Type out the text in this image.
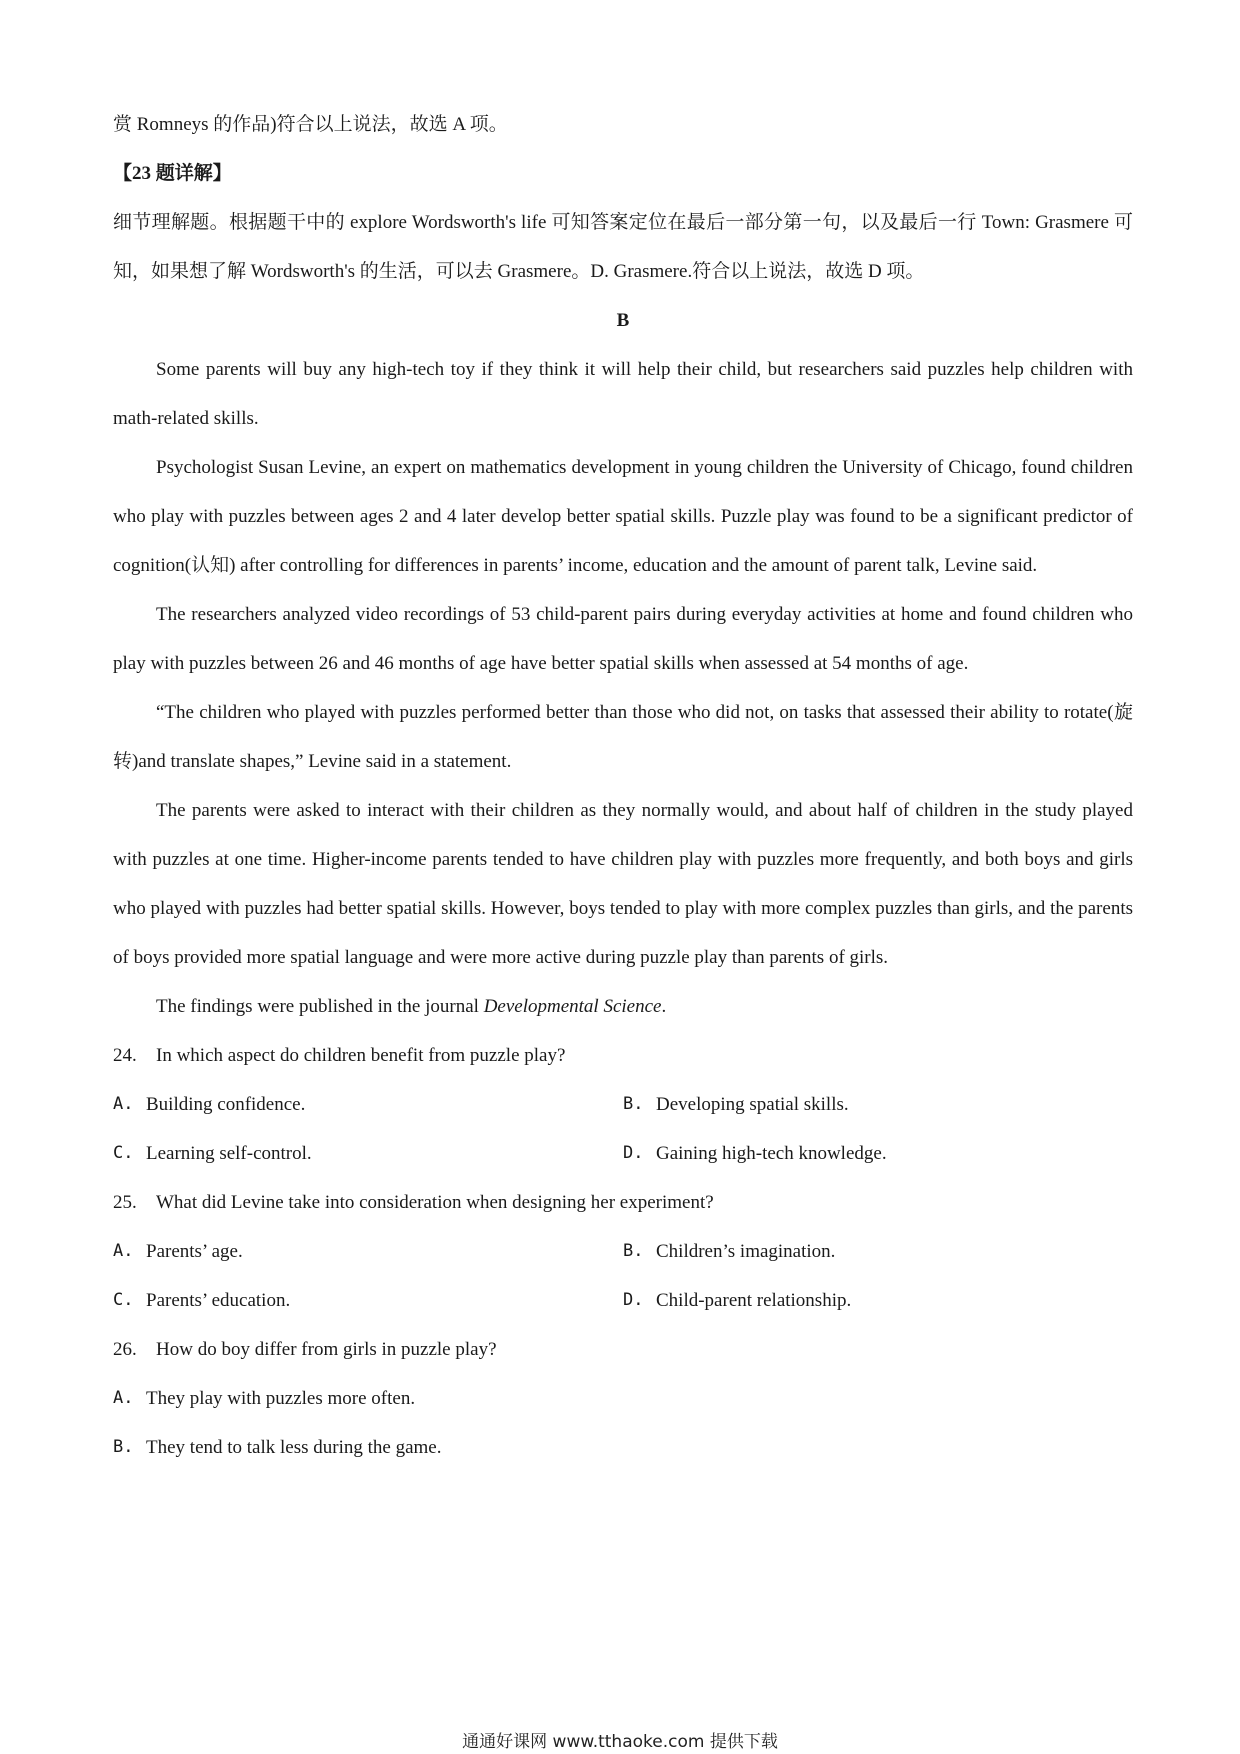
赏 Romneys 的作品)符合以上说法，故选 A 项。

【23 题详解】

细节理解题。根据题干中的 explore Wordsworth's life 可知答案定位在最后一部分第一句，以及最后一行 Town: Grasmere 可知，如果想了解 Wordsworth's 的生活，可以去 Grasmere。D. Grasmere.符合以上说法，故选 D 项。

B

Some parents will buy any high-tech toy if they think it will help their child, but researchers said puzzles help children with math-related skills.

Psychologist Susan Levine, an expert on mathematics development in young children the University of Chicago, found children who play with puzzles between ages 2 and 4 later develop better spatial skills. Puzzle play was found to be a significant predictor of cognition(认知) after controlling for differences in parents’ income, education and the amount of parent talk, Levine said.

The researchers analyzed video recordings of 53 child-parent pairs during everyday activities at home and found children who play with puzzles between 26 and 46 months of age have better spatial skills when assessed at 54 months of age.

“The children who played with puzzles performed better than those who did not, on tasks that assessed their ability to rotate(旋转)and translate shapes,” Levine said in a statement.

The parents were asked to interact with their children as they normally would, and about half of children in the study played with puzzles at one time. Higher-income parents tended to have children play with puzzles more frequently, and both boys and girls who played with puzzles had better spatial skills. However, boys tended to play with more complex puzzles than girls, and the parents of boys provided more spatial language and were more active during puzzle play than parents of girls.

The findings were published in the journal Developmental Science.

24.	In which aspect do children benefit from puzzle play?
A. Building confidence.	B. Developing spatial skills.
C. Learning self-control.	D. Gaining high-tech knowledge.
25.	What did Levine take into consideration when designing her experiment?
A. Parents’ age.	B. Children’s imagination.
C. Parents’ education.	D. Child-parent relationship.
26.	How do boy differ from girls in puzzle play?
A. They play with puzzles more often.
B. They tend to talk less during the game.
通通好课网 www.tthaoke.com 提供下载
